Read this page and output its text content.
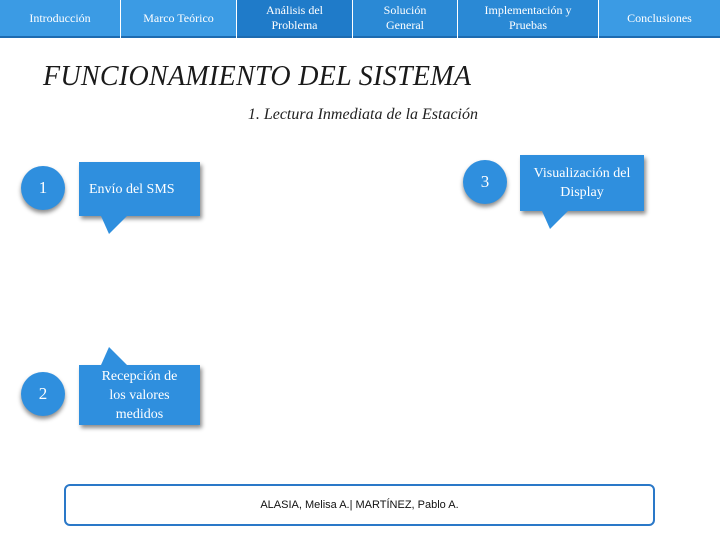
Introducción	Marco Teórico
Análisis del Problema
Solución General
Implementación y Pruebas
Conclusiones
FUNCIONAMIENTO DEL SISTEMA
1. Lectura Inmediata de la Estación
1	Envío del SMS
2
Recepción de los valores medidos
3	Visualización del Display
ALASIA, Melisa A.| MARTÍNEZ, Pablo A.
